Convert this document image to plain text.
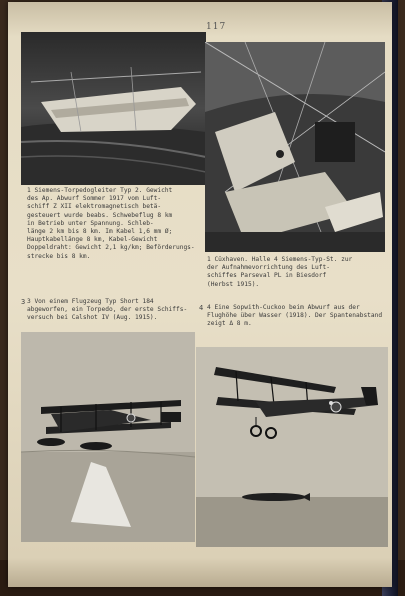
117
1 Siemens-Torpedogleiter Typ 2. Gewicht
des Ap. Abwurf Sommer 1917 vom Luft-
schiff Z XII elektromagnetisch betä-
gesteuert wurde beabs. Schwebeflug 8 km
in Betrieb unter Spannung. Schleb-
länge 2 km bis 8 km. Im Kabel 1,6 mm Ø;
Hauptkabellänge 8 km, Kabel-Gewicht
Doppeldraht: Gewicht 2,1 kg/km; Beförderungs-
strecke bis 8 km.	1 Cüxhaven. Halle 4 Siemens-Typ-St. zur
der Aufnahmevorrichtung des Luft-
schiffes Parseval PL in Biesdorf
(Herbst 1915).
3 Von einem Flugzeug Typ Short 184
abgeworfen, ein Torpedo, der erste Schiffs-
versuch bei Calshot IV (Aug. 1915).
4 Eine Sopwith-Cuckoo beim Abwurf aus der
Flughöhe über Wasser (1918). Der Spantenabstand
zeigt Δ 8 m.
3
4
